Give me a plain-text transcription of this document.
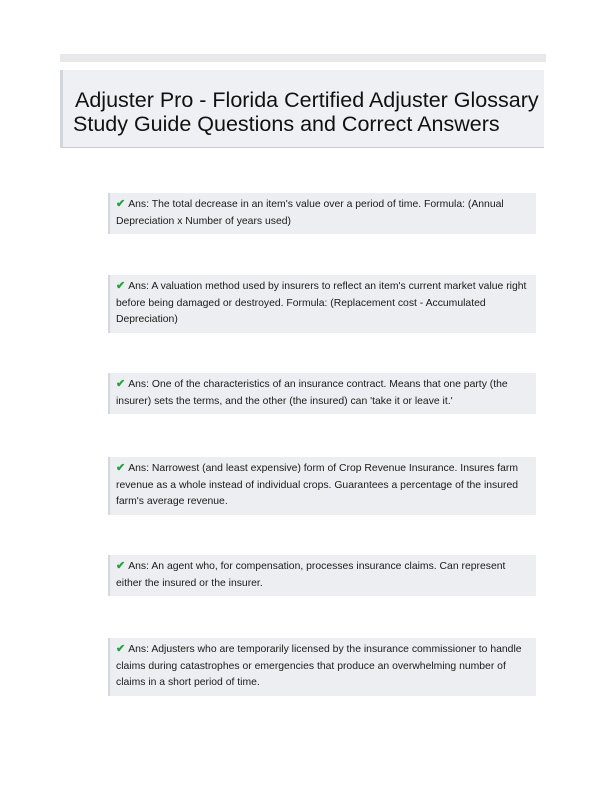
Adjuster Pro - Florida Certified Adjuster Glossary
Study Guide Questions and Correct Answers
✔ Ans: The total decrease in an item's value over a period of time. Formula: (Annual Depreciation x Number of years used)
✔ Ans: A valuation method used by insurers to reflect an item's current market value right before being damaged or destroyed. Formula: (Replacement cost - Accumulated Depreciation)
✔ Ans: One of the characteristics of an insurance contract. Means that one party (the insurer) sets the terms, and the other (the insured) can 'take it or leave it.'
✔ Ans: Narrowest (and least expensive) form of Crop Revenue Insurance. Insures farm revenue as a whole instead of individual crops. Guarantees a percentage of the insured farm's average revenue.
✔ Ans: An agent who, for compensation, processes insurance claims. Can represent either the insured or the insurer.
✔ Ans: Adjusters who are temporarily licensed by the insurance commissioner to handle claims during catastrophes or emergencies that produce an overwhelming number of claims in a short period of time.
Stuvia.com	Page 1 of 15
